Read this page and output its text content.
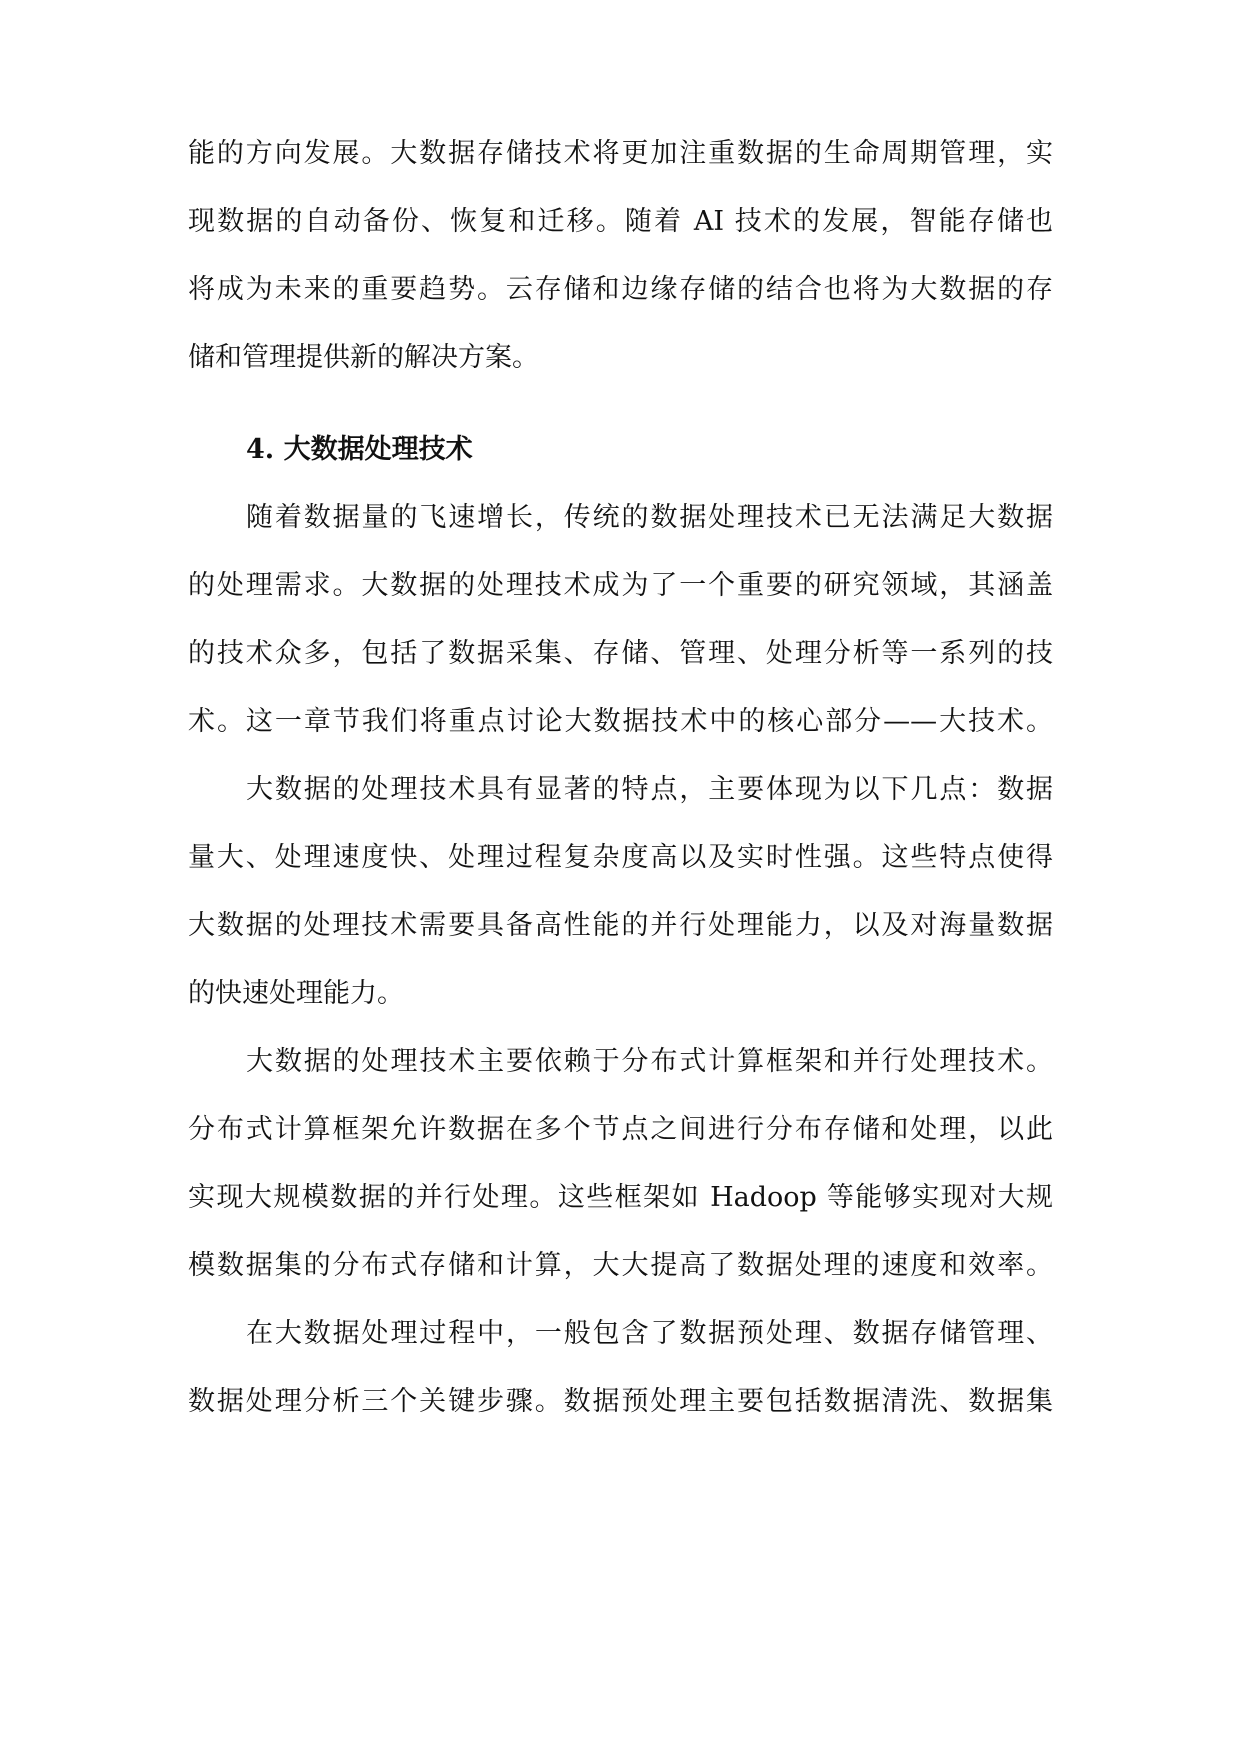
能的方向发展。大数据存储技术将更加注重数据的生命周期管理，实
现数据的自动备份、恢复和迁移。随着 AI 技术的发展，智能存储也
将成为未来的重要趋势。云存储和边缘存储的结合也将为大数据的存
储和管理提供新的解决方案。
4. 大数据处理技术
随着数据量的飞速增长，传统的数据处理技术已无法满足大数据
的处理需求。大数据的处理技术成为了一个重要的研究领域，其涵盖
的技术众多，包括了数据采集、存储、管理、处理分析等一系列的技
术。这一章节我们将重点讨论大数据技术中的核心部分——大技术。
大数据的处理技术具有显著的特点，主要体现为以下几点：数据
量大、处理速度快、处理过程复杂度高以及实时性强。这些特点使得
大数据的处理技术需要具备高性能的并行处理能力，以及对海量数据
的快速处理能力。
大数据的处理技术主要依赖于分布式计算框架和并行处理技术。
分布式计算框架允许数据在多个节点之间进行分布存储和处理，以此
实现大规模数据的并行处理。这些框架如 Hadoop 等能够实现对大规
模数据集的分布式存储和计算，大大提高了数据处理的速度和效率。
在大数据处理过程中，一般包含了数据预处理、数据存储管理、
数据处理分析三个关键步骤。数据预处理主要包括数据清洗、数据集
